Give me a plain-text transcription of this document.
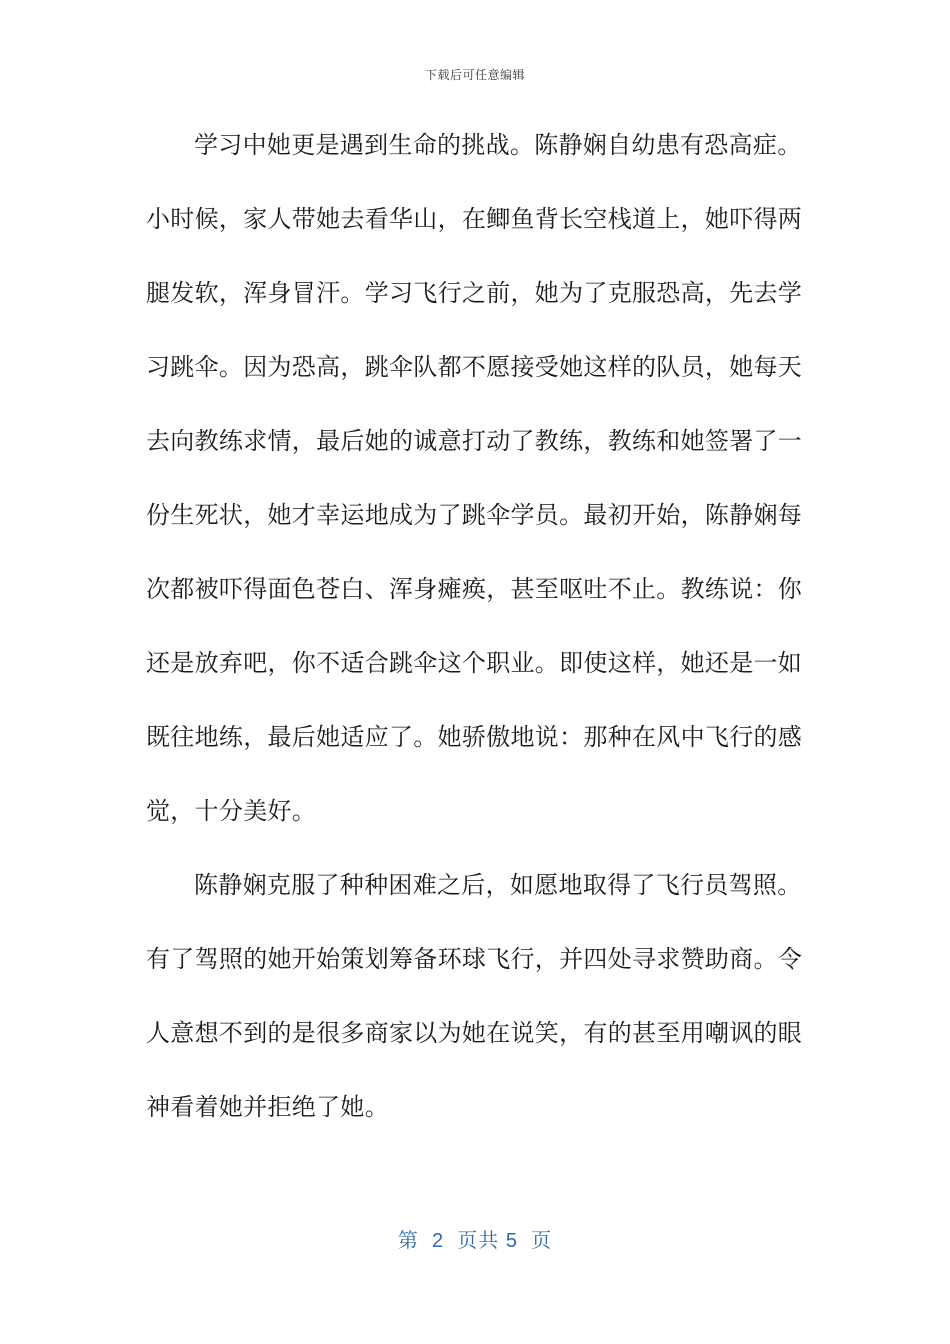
下载后可任意编辑
学习中她更是遇到生命的挑战。陈静娴自幼患有恐高症。
小时候，家人带她去看华山，在鲫鱼背长空栈道上，她吓得两
腿发软，浑身冒汗。学习飞行之前，她为了克服恐高，先去学
习跳伞。因为恐高，跳伞队都不愿接受她这样的队员，她每天
去向教练求情，最后她的诚意打动了教练，教练和她签署了一
份生死状，她才幸运地成为了跳伞学员。最初开始，陈静娴每
次都被吓得面色苍白、浑身瘫痪，甚至呕吐不止。教练说：你
还是放弃吧，你不适合跳伞这个职业。即使这样，她还是一如
既往地练，最后她适应了。她骄傲地说：那种在风中飞行的感
觉，十分美好。
陈静娴克服了种种困难之后，如愿地取得了飞行员驾照。
有了驾照的她开始策划筹备环球飞行，并四处寻求赞助商。令
人意想不到的是很多商家以为她在说笑，有的甚至用嘲讽的眼
神看着她并拒绝了她。
第  2  页共 5  页
